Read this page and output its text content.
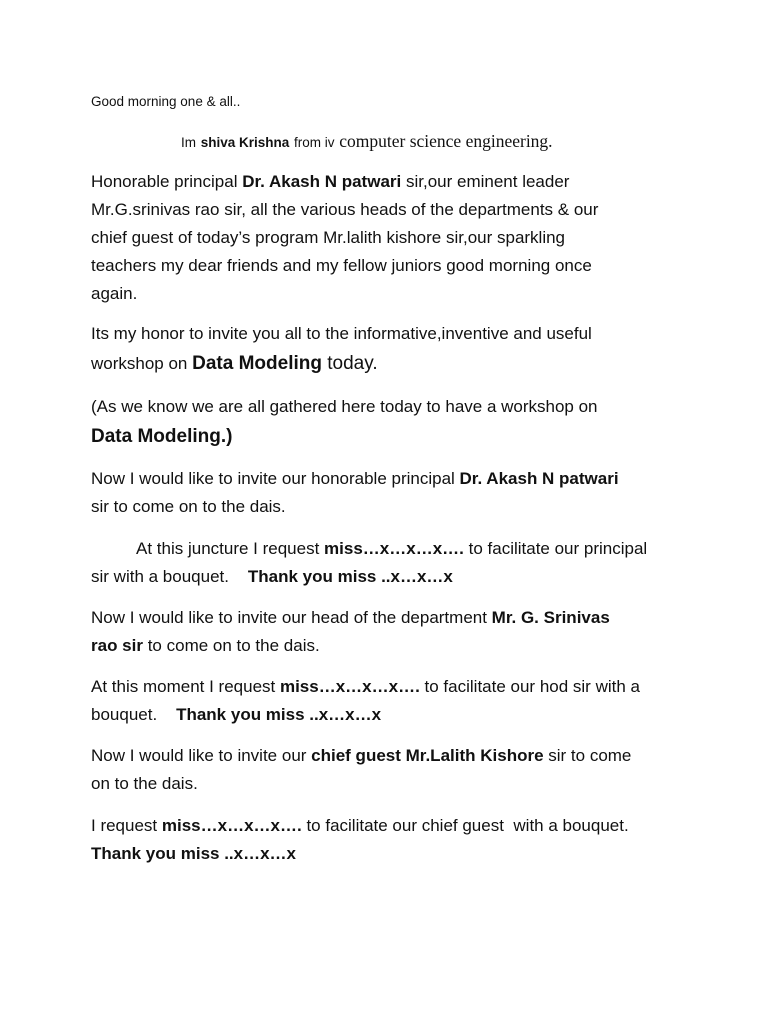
Good morning one & all..
Im shiva Krishna from iv computer science engineering.
Honorable principal Dr. Akash N patwari sir,our eminent leader
Mr.G.srinivas rao sir, all the various heads of the departments & our
chief guest of today’s program Mr.lalith kishore sir,our sparkling
teachers my dear friends and my fellow juniors good morning once
again.
Its my honor to invite you all to the informative,inventive and useful
workshop on Data Modeling today.
(As we know we are all gathered here today to have a workshop on
Data Modeling.)
Now I would like to invite our honorable principal Dr. Akash N patwari
sir to come on to the dais.
At this juncture I request miss…x…x…x…. to facilitate our principal
sir with a bouquet.    Thank you miss ..x…x…x
Now I would like to invite our head of the department Mr. G. Srinivas
rao sir to come on to the dais.
At this moment I request miss…x…x…x…. to facilitate our hod sir with a
bouquet.    Thank you miss ..x…x…x
Now I would like to invite our chief guest Mr.Lalith Kishore sir to come
on to the dais.
I request miss…x…x…x…. to facilitate our chief guest  with a bouquet.
Thank you miss ..x…x…x
